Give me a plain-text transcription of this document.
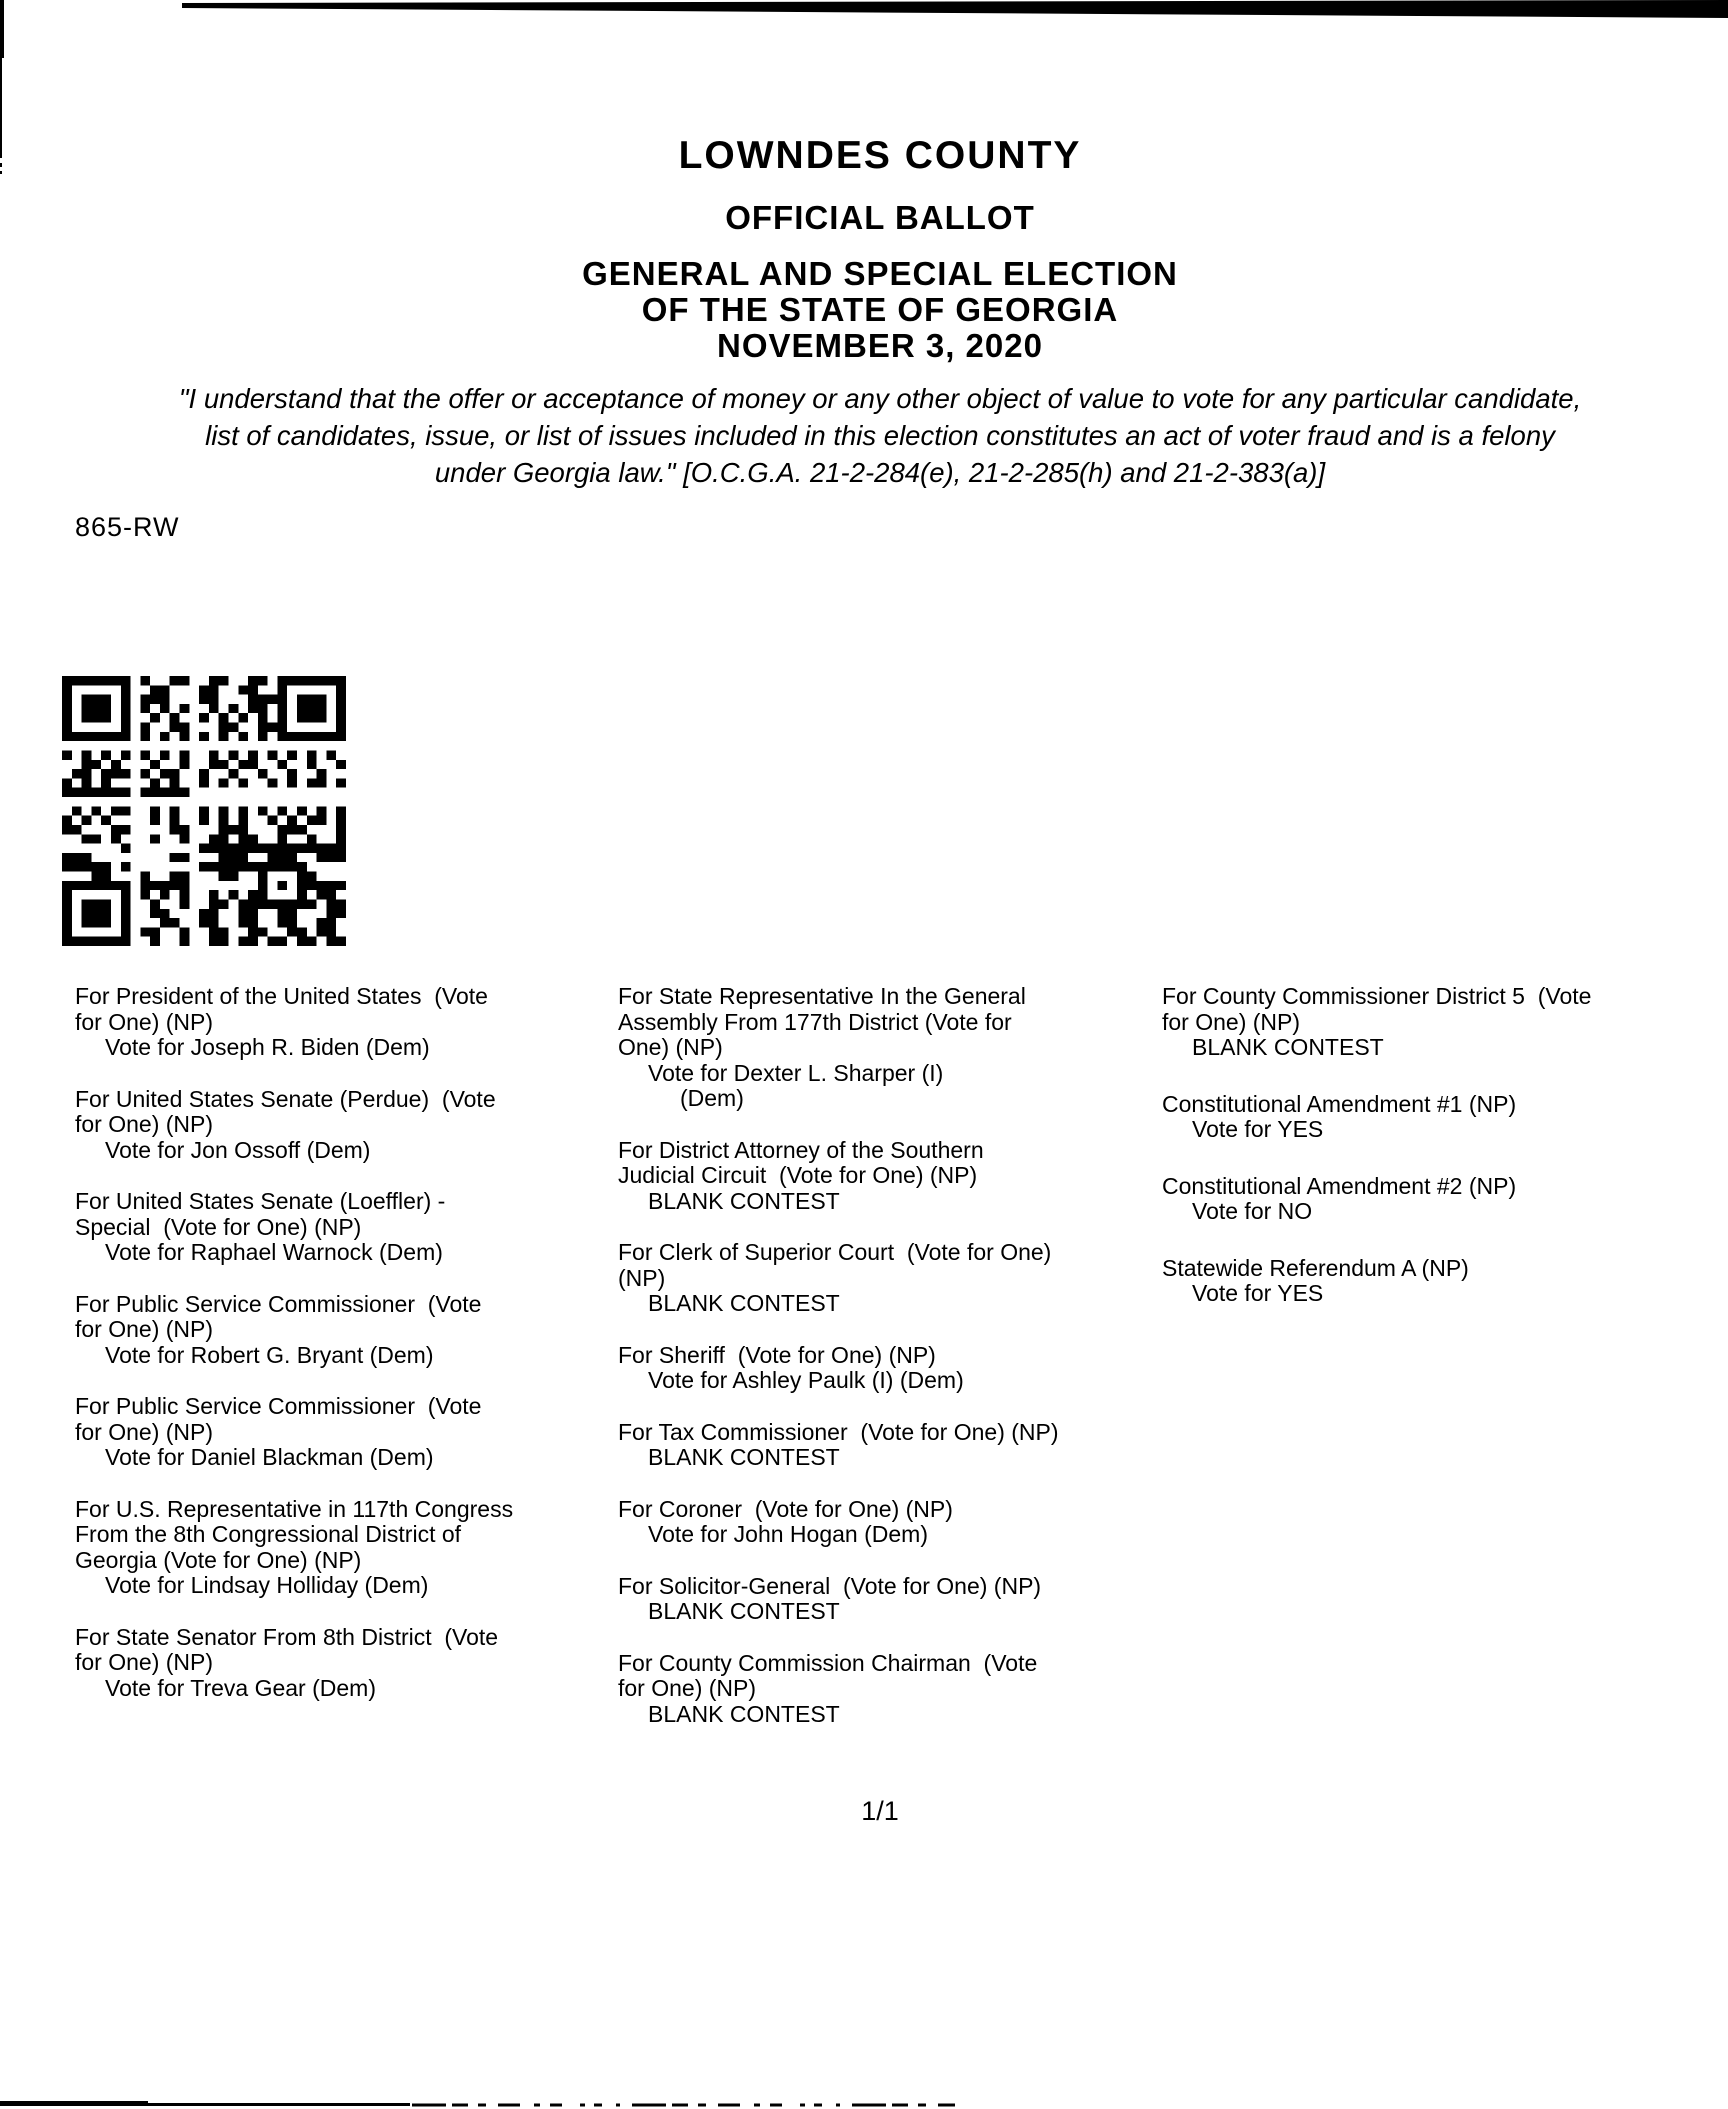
LOWNDES COUNTY
OFFICIAL BALLOT
GENERAL AND SPECIAL ELECTION
OF THE STATE OF GEORGIA
NOVEMBER 3, 2020
"I understand that the offer or acceptance of money or any other object of value to vote for any particular candidate,
list of candidates, issue, or list of issues included in this election constitutes an act of voter fraud and is a felony
under Georgia law." [O.C.G.A. 21-2-284(e), 21-2-285(h) and 21-2-383(a)]
865-RW
For President of the United States  (Vote
for One) (NP)
Vote for Joseph R. Biden (Dem)
For United States Senate (Perdue)  (Vote
for One) (NP)
Vote for Jon Ossoff (Dem)
For United States Senate (Loeffler) -
Special  (Vote for One) (NP)
Vote for Raphael Warnock (Dem)
For Public Service Commissioner  (Vote
for One) (NP)
Vote for Robert G. Bryant (Dem)
For Public Service Commissioner  (Vote
for One) (NP)
Vote for Daniel Blackman (Dem)
For U.S. Representative in 117th Congress
From the 8th Congressional District of
Georgia (Vote for One) (NP)
Vote for Lindsay Holliday (Dem)
For State Senator From 8th District  (Vote
for One) (NP)
Vote for Treva Gear (Dem)
For State Representative In the General
Assembly From 177th District (Vote for
One) (NP)
Vote for Dexter L. Sharper (I)
(Dem)
For District Attorney of the Southern
Judicial Circuit  (Vote for One) (NP)
BLANK CONTEST
For Clerk of Superior Court  (Vote for One)
(NP)
BLANK CONTEST
For Sheriff  (Vote for One) (NP)
Vote for Ashley Paulk (I) (Dem)
For Tax Commissioner  (Vote for One) (NP)
BLANK CONTEST
For Coroner  (Vote for One) (NP)
Vote for John Hogan (Dem)
For Solicitor-General  (Vote for One) (NP)
BLANK CONTEST
For County Commission Chairman  (Vote
for One) (NP)
BLANK CONTEST
For County Commissioner District 5  (Vote
for One) (NP)
BLANK CONTEST
Constitutional Amendment #1 (NP)
Vote for YES
Constitutional Amendment #2 (NP)
Vote for NO
Statewide Referendum A (NP)
Vote for YES
1/1
